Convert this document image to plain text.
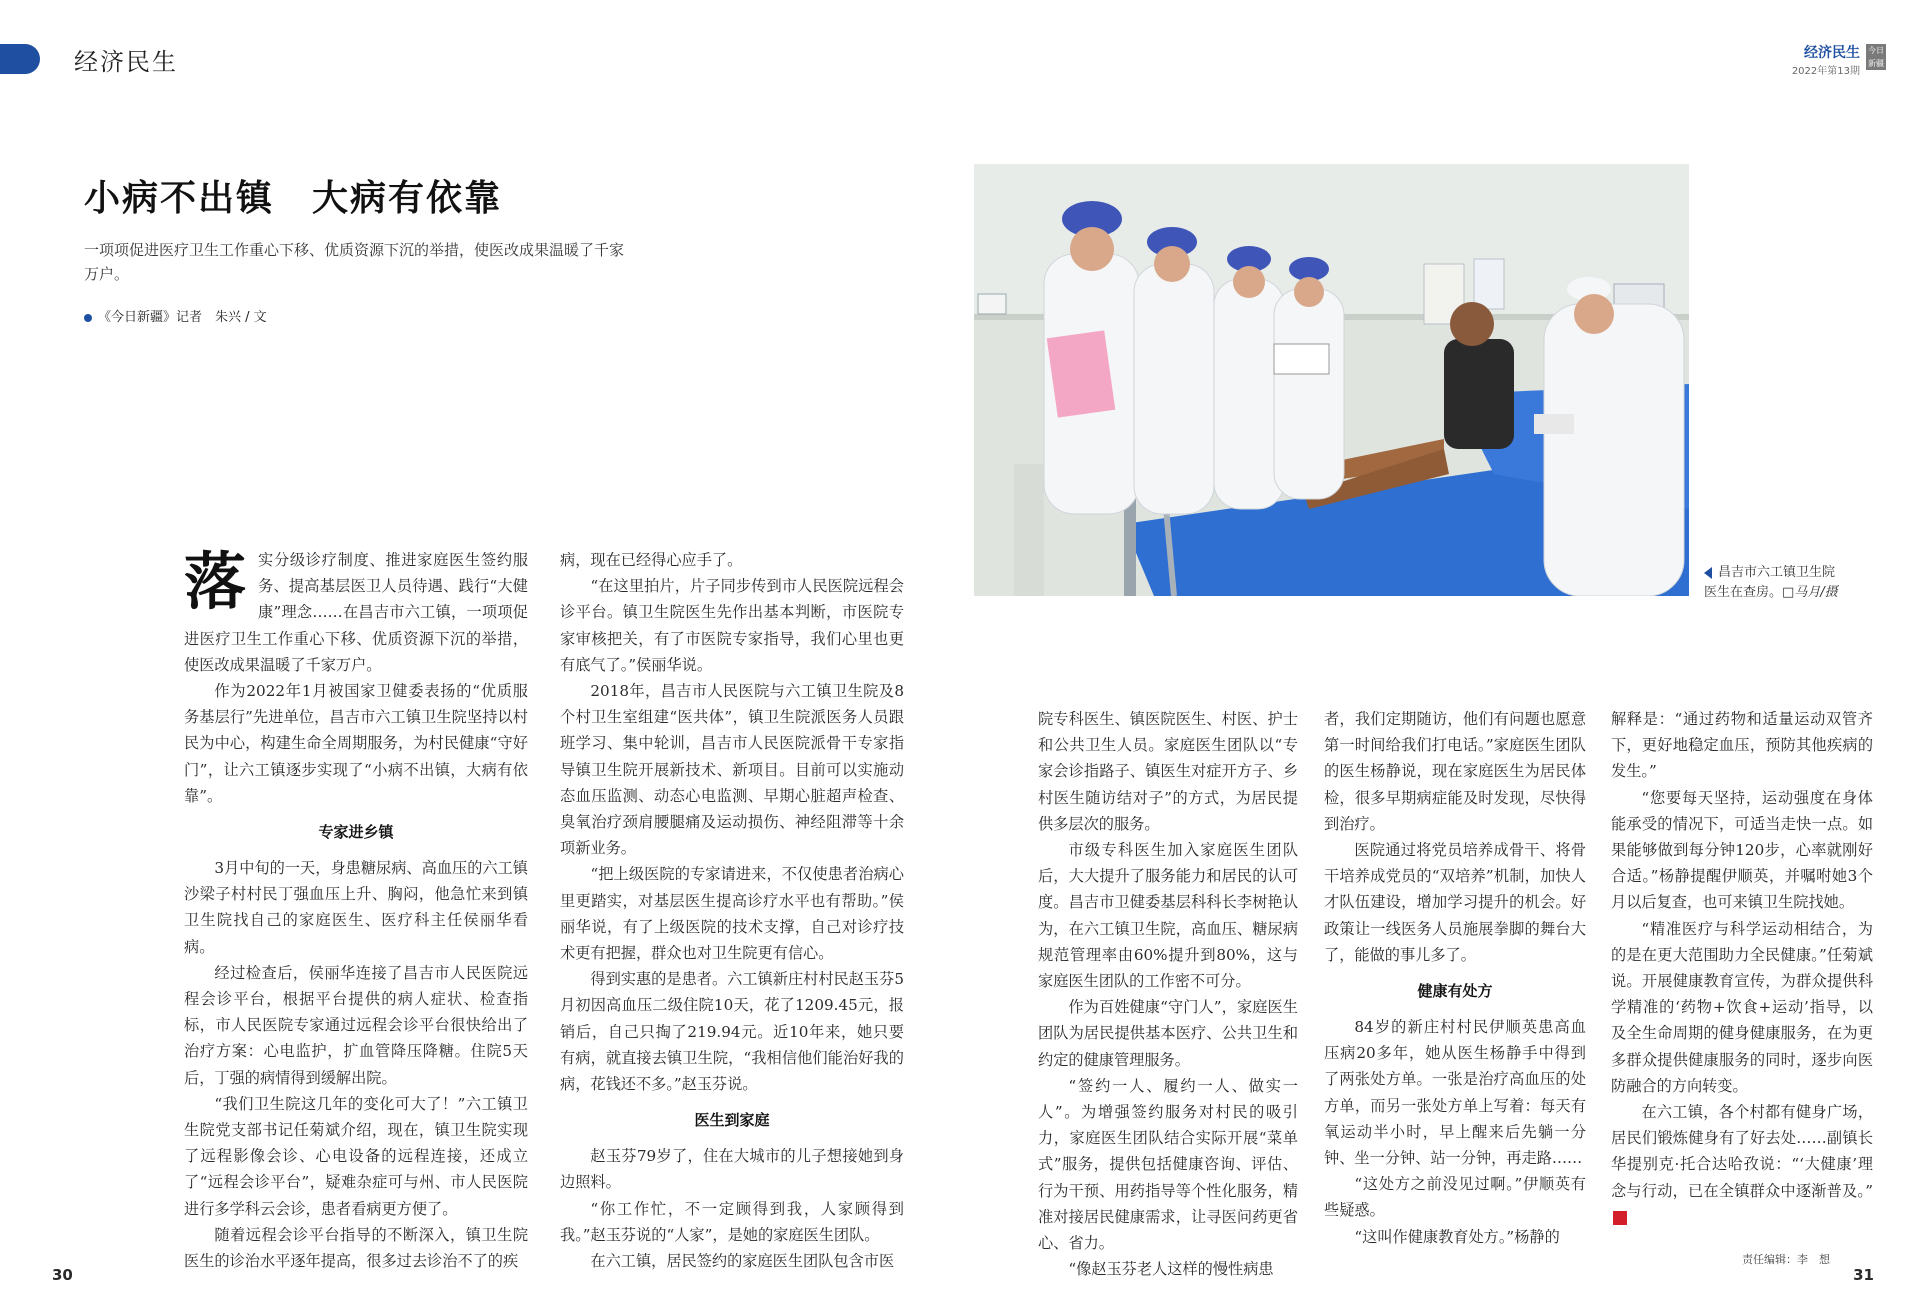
经济民生	今日新疆
经济民生
2022年第13期
小病不出镇　大病有依靠
一项项促进医疗卫生工作重心下移、优质资源下沉的举措，使医改成果温暖了千家万户。
《今日新疆》记者　朱兴 / 文
昌吉市六工镇卫生院
医生在查房。□马月/摄
落 实分级诊疗制度、推进家庭医生签约服务、提高基层医卫人员待遇、践行“大健康”理念……在昌吉市六工镇，一项项促进医疗卫生工作重心下移、优质资源下沉的举措，使医改成果温暖了千家万户。

作为2022年1月被国家卫健委表扬的“优质服务基层行”先进单位，昌吉市六工镇卫生院坚持以村民为中心，构建生命全周期服务，为村民健康“守好门”，让六工镇逐步实现了“小病不出镇，大病有依靠”。

专家进乡镇

3月中旬的一天，身患糖尿病、高血压的六工镇沙梁子村村民丁强血压上升、胸闷，他急忙来到镇卫生院找自己的家庭医生、医疗科主任侯丽华看病。

经过检查后，侯丽华连接了昌吉市人民医院远程会诊平台，根据平台提供的病人症状、检查指标，市人民医院专家通过远程会诊平台很快给出了治疗方案：心电监护，扩血管降压降糖。住院5天后，丁强的病情得到缓解出院。

“我们卫生院这几年的变化可大了！”六工镇卫生院党支部书记任菊斌介绍，现在，镇卫生院实现了远程影像会诊、心电设备的远程连接，还成立了“远程会诊平台”，疑难杂症可与州、市人民医院进行多学科云会诊，患者看病更方便了。

随着远程会诊平台指导的不断深入，镇卫生院医生的诊治水平逐年提高，很多过去诊治不了的疾

病，现在已经得心应手了。

“在这里拍片，片子同步传到市人民医院远程会诊平台。镇卫生院医生先作出基本判断，市医院专家审核把关，有了市医院专家指导，我们心里也更有底气了。”侯丽华说。

2018年，昌吉市人民医院与六工镇卫生院及8个村卫生室组建“医共体”，镇卫生院派医务人员跟班学习、集中轮训，昌吉市人民医院派骨干专家指导镇卫生院开展新技术、新项目。目前可以实施动态血压监测、动态心电监测、早期心脏超声检查、臭氧治疗颈肩腰腿痛及运动损伤、神经阻滞等十余项新业务。

“把上级医院的专家请进来，不仅使患者治病心里更踏实，对基层医生提高诊疗水平也有帮助。”侯丽华说，有了上级医院的技术支撑，自己对诊疗技术更有把握，群众也对卫生院更有信心。

得到实惠的是患者。六工镇新庄村村民赵玉芬5月初因高血压二级住院10天，花了1209.45元，报销后，自己只掏了219.94元。近10年来，她只要有病，就直接去镇卫生院，“我相信他们能治好我的病，花钱还不多。”赵玉芬说。

医生到家庭

赵玉芬79岁了，住在大城市的儿子想接她到身边照料。

“你工作忙，不一定顾得到我，人家顾得到我。”赵玉芬说的“人家”，是她的家庭医生团队。

在六工镇，居民签约的家庭医生团队包含市医

院专科医生、镇医院医生、村医、护士和公共卫生人员。家庭医生团队以“专家会诊指路子、镇医生对症开方子、乡村医生随访结对子”的方式，为居民提供多层次的服务。

市级专科医生加入家庭医生团队后，大大提升了服务能力和居民的认可度。昌吉市卫健委基层科科长李树艳认为，在六工镇卫生院，高血压、糖尿病规范管理率由60%提升到80%，这与家庭医生团队的工作密不可分。

作为百姓健康“守门人”，家庭医生团队为居民提供基本医疗、公共卫生和约定的健康管理服务。

“签约一人、履约一人、做实一人”。为增强签约服务对村民的吸引力，家庭医生团队结合实际开展“菜单式”服务，提供包括健康咨询、评估、行为干预、用药指导等个性化服务，精准对接居民健康需求，让寻医问药更省心、省力。

“像赵玉芬老人这样的慢性病患

者，我们定期随访，他们有问题也愿意第一时间给我们打电话。”家庭医生团队的医生杨静说，现在家庭医生为居民体检，很多早期病症能及时发现，尽快得到治疗。

医院通过将党员培养成骨干、将骨干培养成党员的“双培养”机制，加快人才队伍建设，增加学习提升的机会。好政策让一线医务人员施展拳脚的舞台大了，能做的事儿多了。

健康有处方

84岁的新庄村村民伊顺英患高血压病20多年，她从医生杨静手中得到了两张处方单。一张是治疗高血压的处方单，而另一张处方单上写着：每天有氧运动半小时，早上醒来后先躺一分钟、坐一分钟、站一分钟，再走路……

“这处方之前没见过啊。”伊顺英有些疑惑。

“这叫作健康教育处方。”杨静的

解释是：“通过药物和适量运动双管齐下，更好地稳定血压，预防其他疾病的发生。”

“您要每天坚持，运动强度在身体能承受的情况下，可适当走快一点。如果能够做到每分钟120步，心率就刚好合适。”杨静提醒伊顺英，并嘱咐她3个月以后复查，也可来镇卫生院找她。

“精准医疗与科学运动相结合，为的是在更大范围助力全民健康。”任菊斌说。开展健康教育宣传，为群众提供科学精准的‘药物+饮食+运动’指导，以及全生命周期的健身健康服务，在为更多群众提供健康服务的同时，逐步向医防融合的方向转变。

在六工镇，各个村都有健身广场，居民们锻炼健身有了好去处……副镇长华提别克·托合达哈孜说：“‘大健康’理念与行动，已在全镇群众中逐渐普及。”

30
责任编辑：李　想
31
